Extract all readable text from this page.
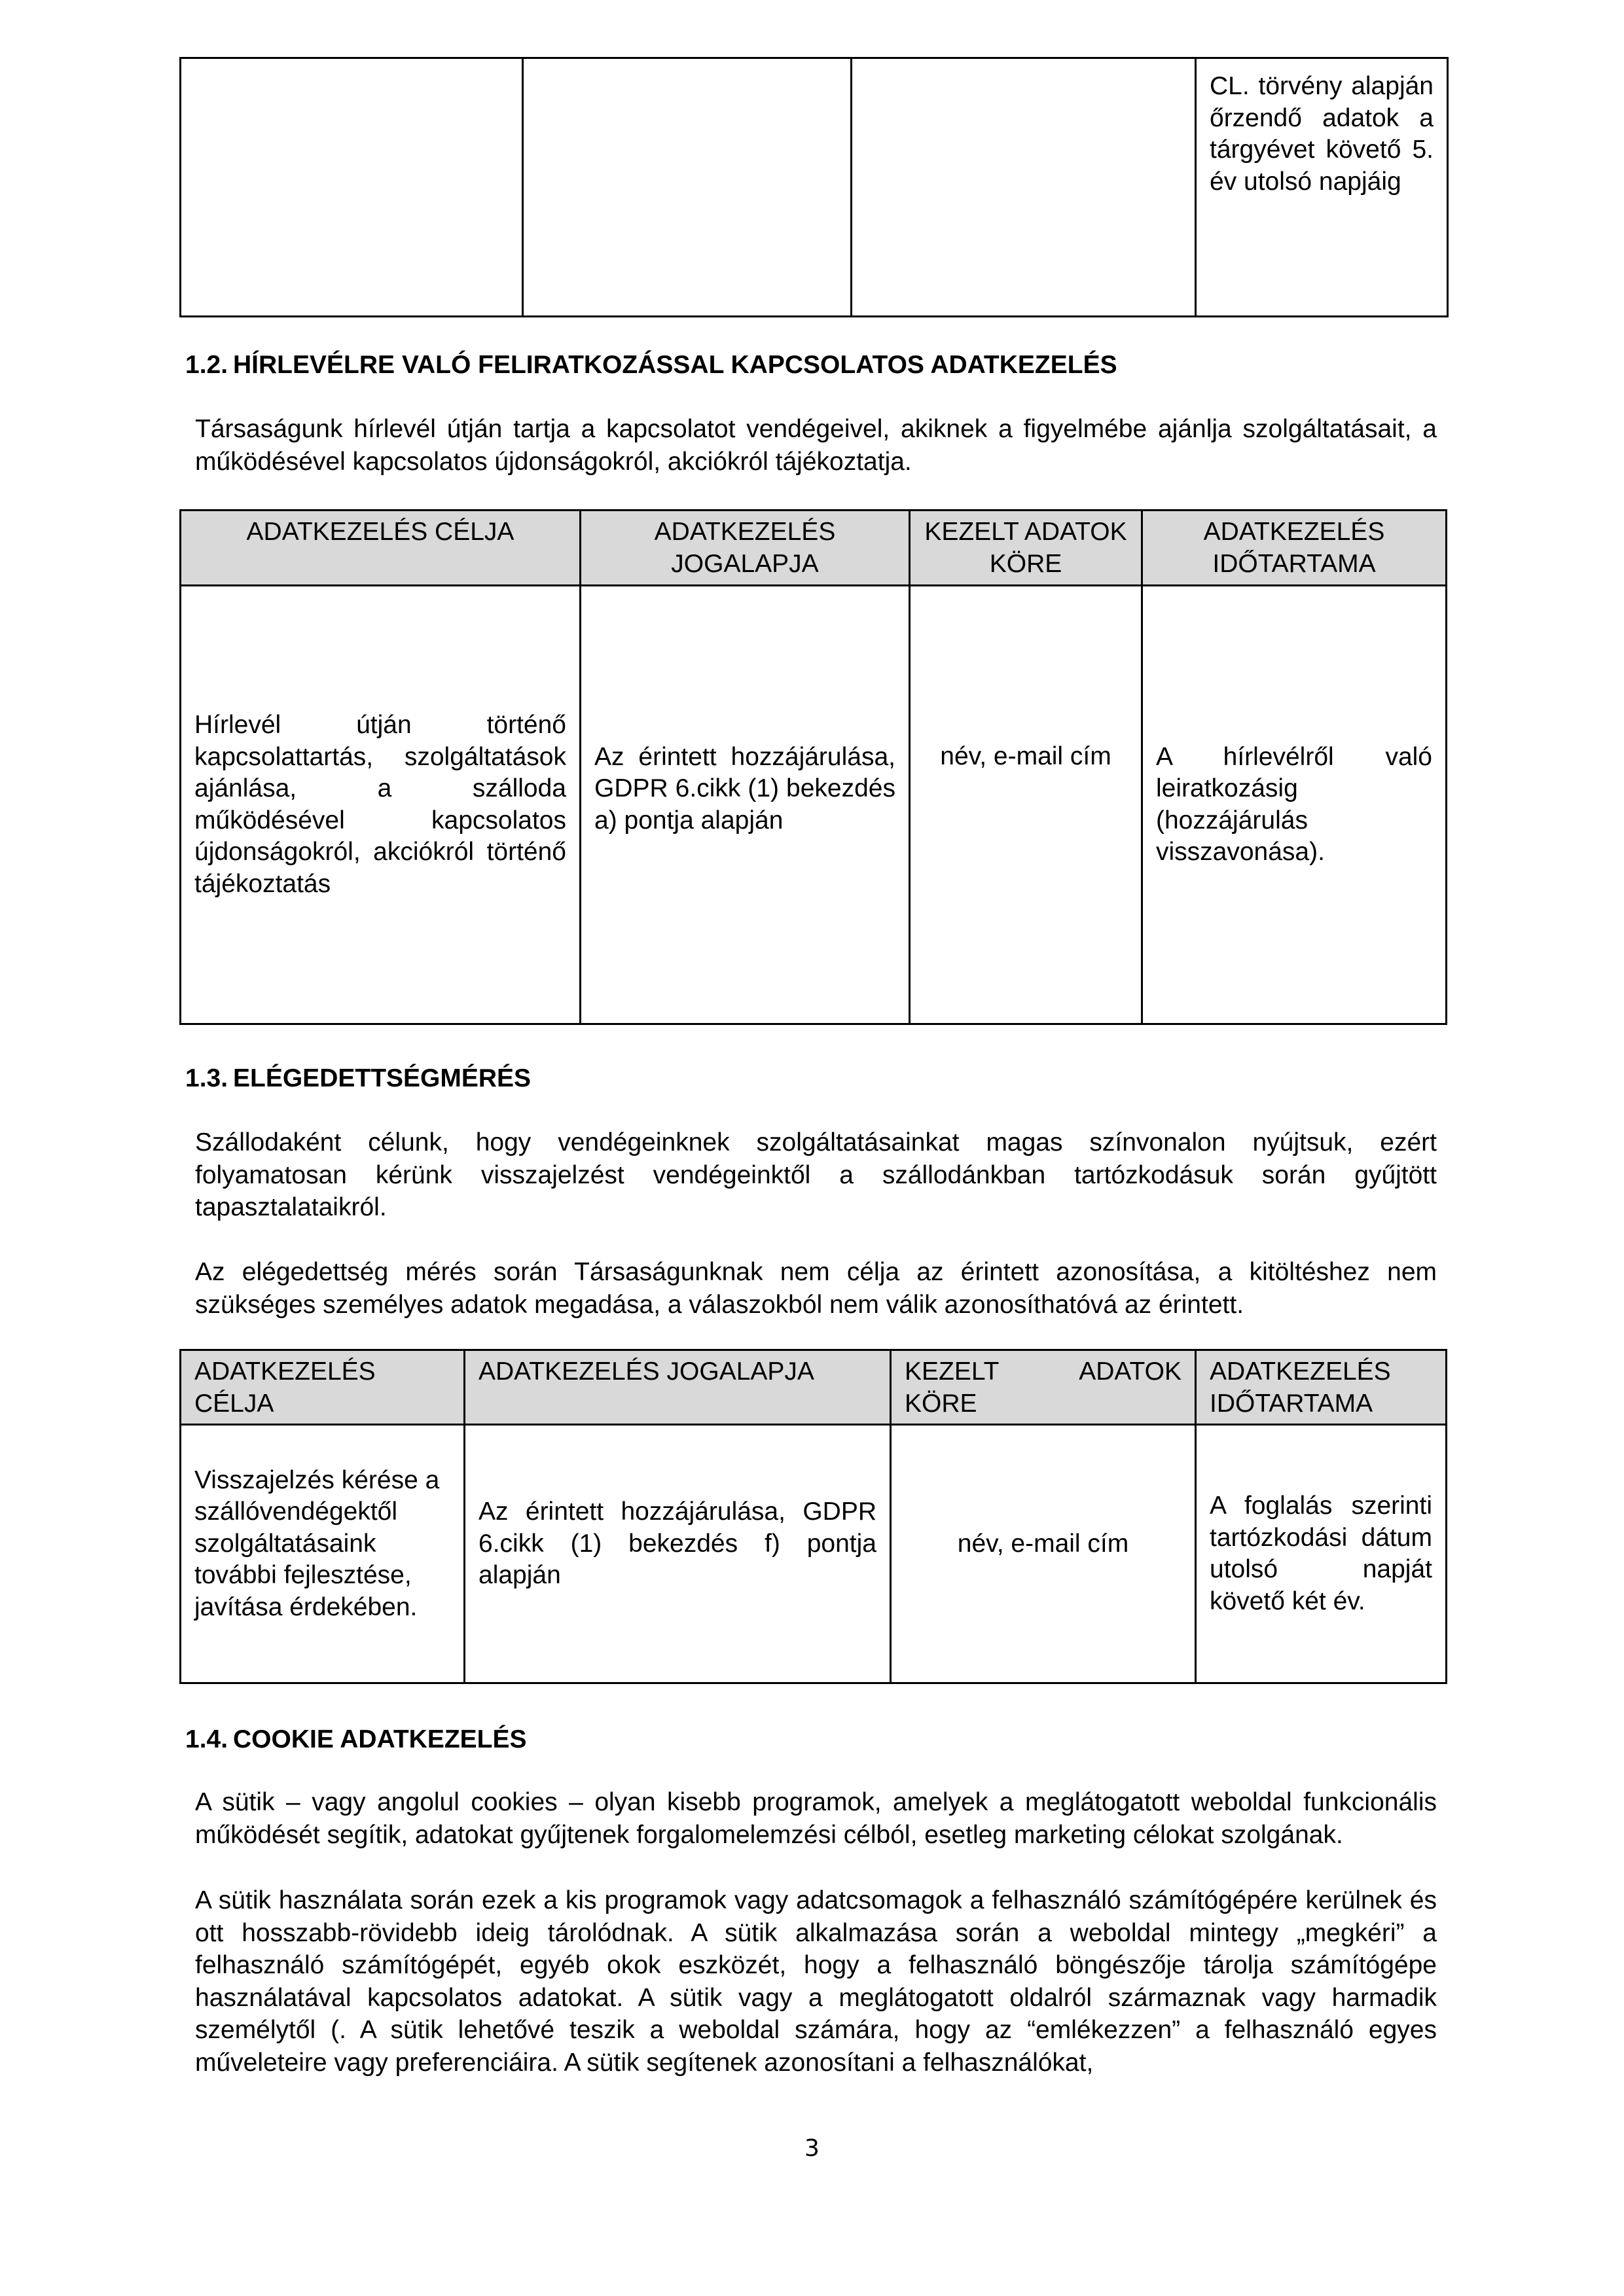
			CL. törvény alapján őrzendő adatok a tárgyévet követő 5. év utolsó napjáig
1.2. HÍRLEVÉLRE VALÓ FELIRATKOZÁSSAL KAPCSOLATOS ADATKEZELÉS
Társaságunk hírlevél útján tartja a kapcsolatot vendégeivel, akiknek a figyelmébe ajánlja szolgáltatásait, a működésével kapcsolatos újdonságokról, akciókról tájékoztatja.
ADATKEZELÉS CÉLJA	ADATKEZELÉS JOGALAPJA	KEZELT ADATOK KÖRE	ADATKEZELÉS IDŐTARTAMA
Hírlevél útján történő kapcsolattartás, szolgáltatások ajánlása, a szálloda működésével kapcsolatos újdonságokról, akciókról történő tájékoztatás	Az érintett hozzájárulása, GDPR 6.cikk (1) bekezdés a) pontja alapján	név, e-mail cím	A hírlevélről való leiratkozásig (hozzájárulás visszavonása).
1.3. ELÉGEDETTSÉGMÉRÉS
Szállodaként célunk, hogy vendégeinknek szolgáltatásainkat magas színvonalon nyújtsuk, ezért folyamatosan kérünk visszajelzést vendégeinktől a szállodánkban tartózkodásuk során gyűjtött tapasztalataikról.
Az elégedettség mérés során Társaságunknak nem célja az érintett azonosítása, a kitöltéshez nem szükséges személyes adatok megadása, a válaszokból nem válik azonosíthatóvá az érintett.
ADATKEZELÉS CÉLJA	ADATKEZELÉS JOGALAPJA	KEZELT ADATOK KÖRE	ADATKEZELÉS IDŐTARTAMA
Visszajelzés kérése a szállóvendégektől szolgáltatásaink további fejlesztése, javítása érdekében.	Az érintett hozzájárulása, GDPR 6.cikk (1) bekezdés f) pontja alapján	név, e-mail cím	A foglalás szerinti tartózkodási dátum utolsó napját követő két év.
1.4. COOKIE ADATKEZELÉS
A sütik – vagy angolul cookies – olyan kisebb programok, amelyek a meglátogatott weboldal funkcionális működését segítik, adatokat gyűjtenek forgalomelemzési célból, esetleg marketing célokat szolgának.
A sütik használata során ezek a kis programok vagy adatcsomagok a felhasználó számítógépére kerülnek és ott hosszabb-rövidebb ideig tárolódnak. A sütik alkalmazása során a weboldal mintegy „megkéri” a felhasználó számítógépét, egyéb okok eszközét, hogy a felhasználó böngészője tárolja számítógépe használatával kapcsolatos adatokat. A sütik vagy a meglátogatott oldalról származnak vagy harmadik személytől (. A sütik lehetővé teszik a weboldal számára, hogy az “emlékezzen” a felhasználó egyes műveleteire vagy preferenciáira. A sütik segítenek azonosítani a felhasználókat,
3
